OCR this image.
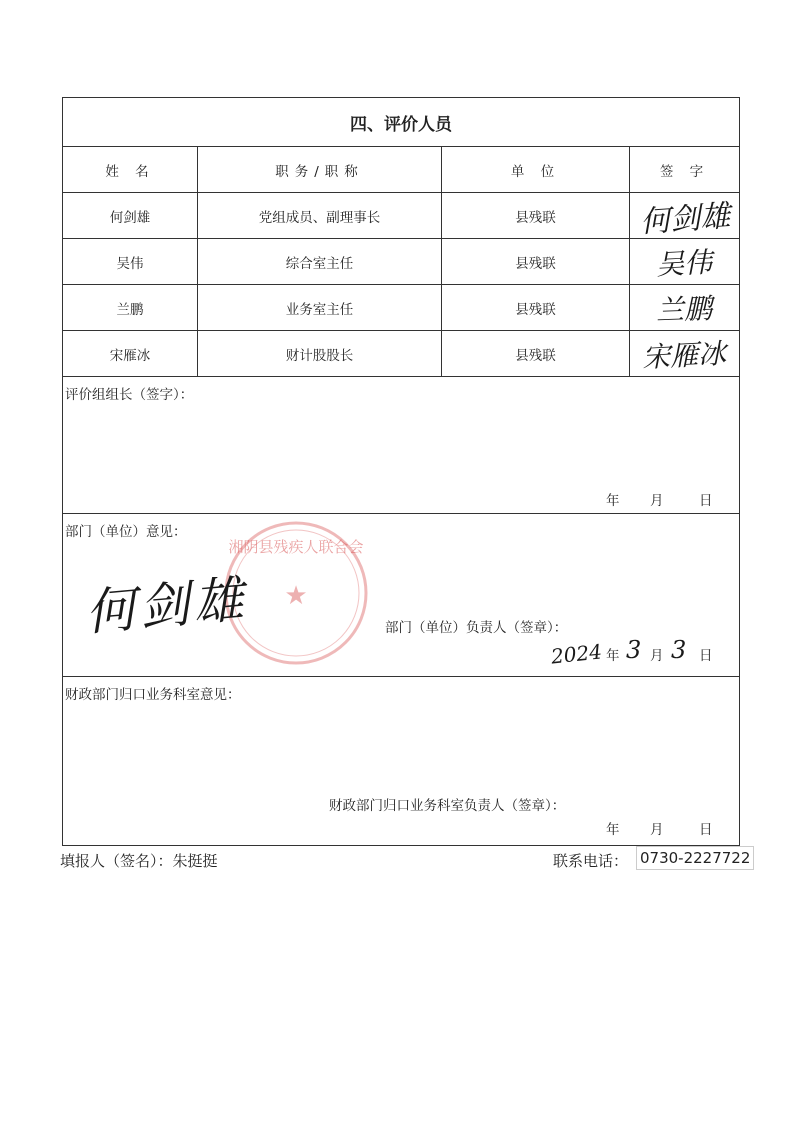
四、评价人员
姓 名	职务/职称	单 位	签 字
何剑雄	党组成员、副理事长	县残联	何剑雄
吴伟	综合室主任	县残联	吴伟
兰鹏	业务室主任	县残联	兰鹏
宋雁冰	财计股股长	县残联	宋雁冰
评价组组长（签字）：
年 月	日
部门（单位）意见：
湘阴县残疾人联合会
★
何剑雄	部门（单位）负责人（签章）：
2024 年 3 月 3 日
财政部门归口业务科室意见：
财政部门归口业务科室负责人（签章）：
年 月	日
填报人（签名）：朱挺挺	联系电话： 0730-2227722
